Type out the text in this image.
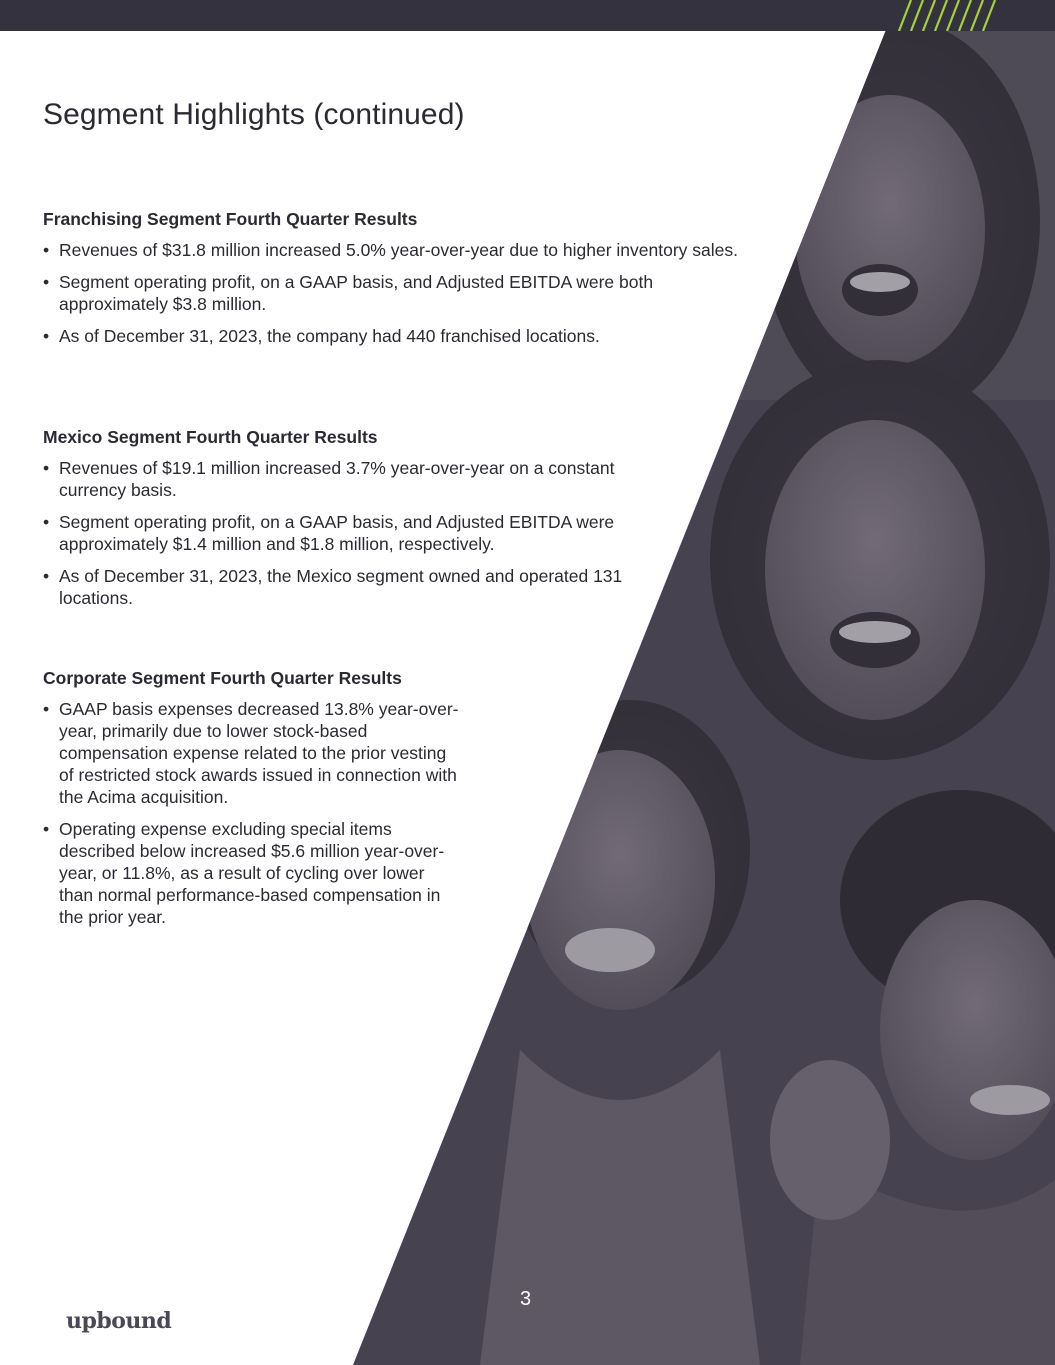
Segment Highlights (continued)
Franchising Segment Fourth Quarter Results
• Revenues of $31.8 million increased 5.0% year-over-year due to higher inventory sales.
• Segment operating profit, on a GAAP basis, and Adjusted EBITDA were both approximately $3.8 million.
• As of December 31, 2023, the company had 440 franchised locations.
Mexico Segment Fourth Quarter Results
• Revenues of $19.1 million increased 3.7% year-over-year on a constant currency basis.
• Segment operating profit, on a GAAP basis, and Adjusted EBITDA were approximately $1.4 million and $1.8 million, respectively.
• As of December 31, 2023, the Mexico segment owned and operated 131 locations.
Corporate Segment Fourth Quarter Results
• GAAP basis expenses decreased 13.8% year-over-year, primarily due to lower stock-based compensation expense related to the prior vesting of restricted stock awards issued in connection with the Acima acquisition.
• Operating expense excluding special items described below increased $5.6 million year-over-year, or 11.8%, as a result of cycling over lower than normal performance-based compensation in the prior year.
3
upbound
